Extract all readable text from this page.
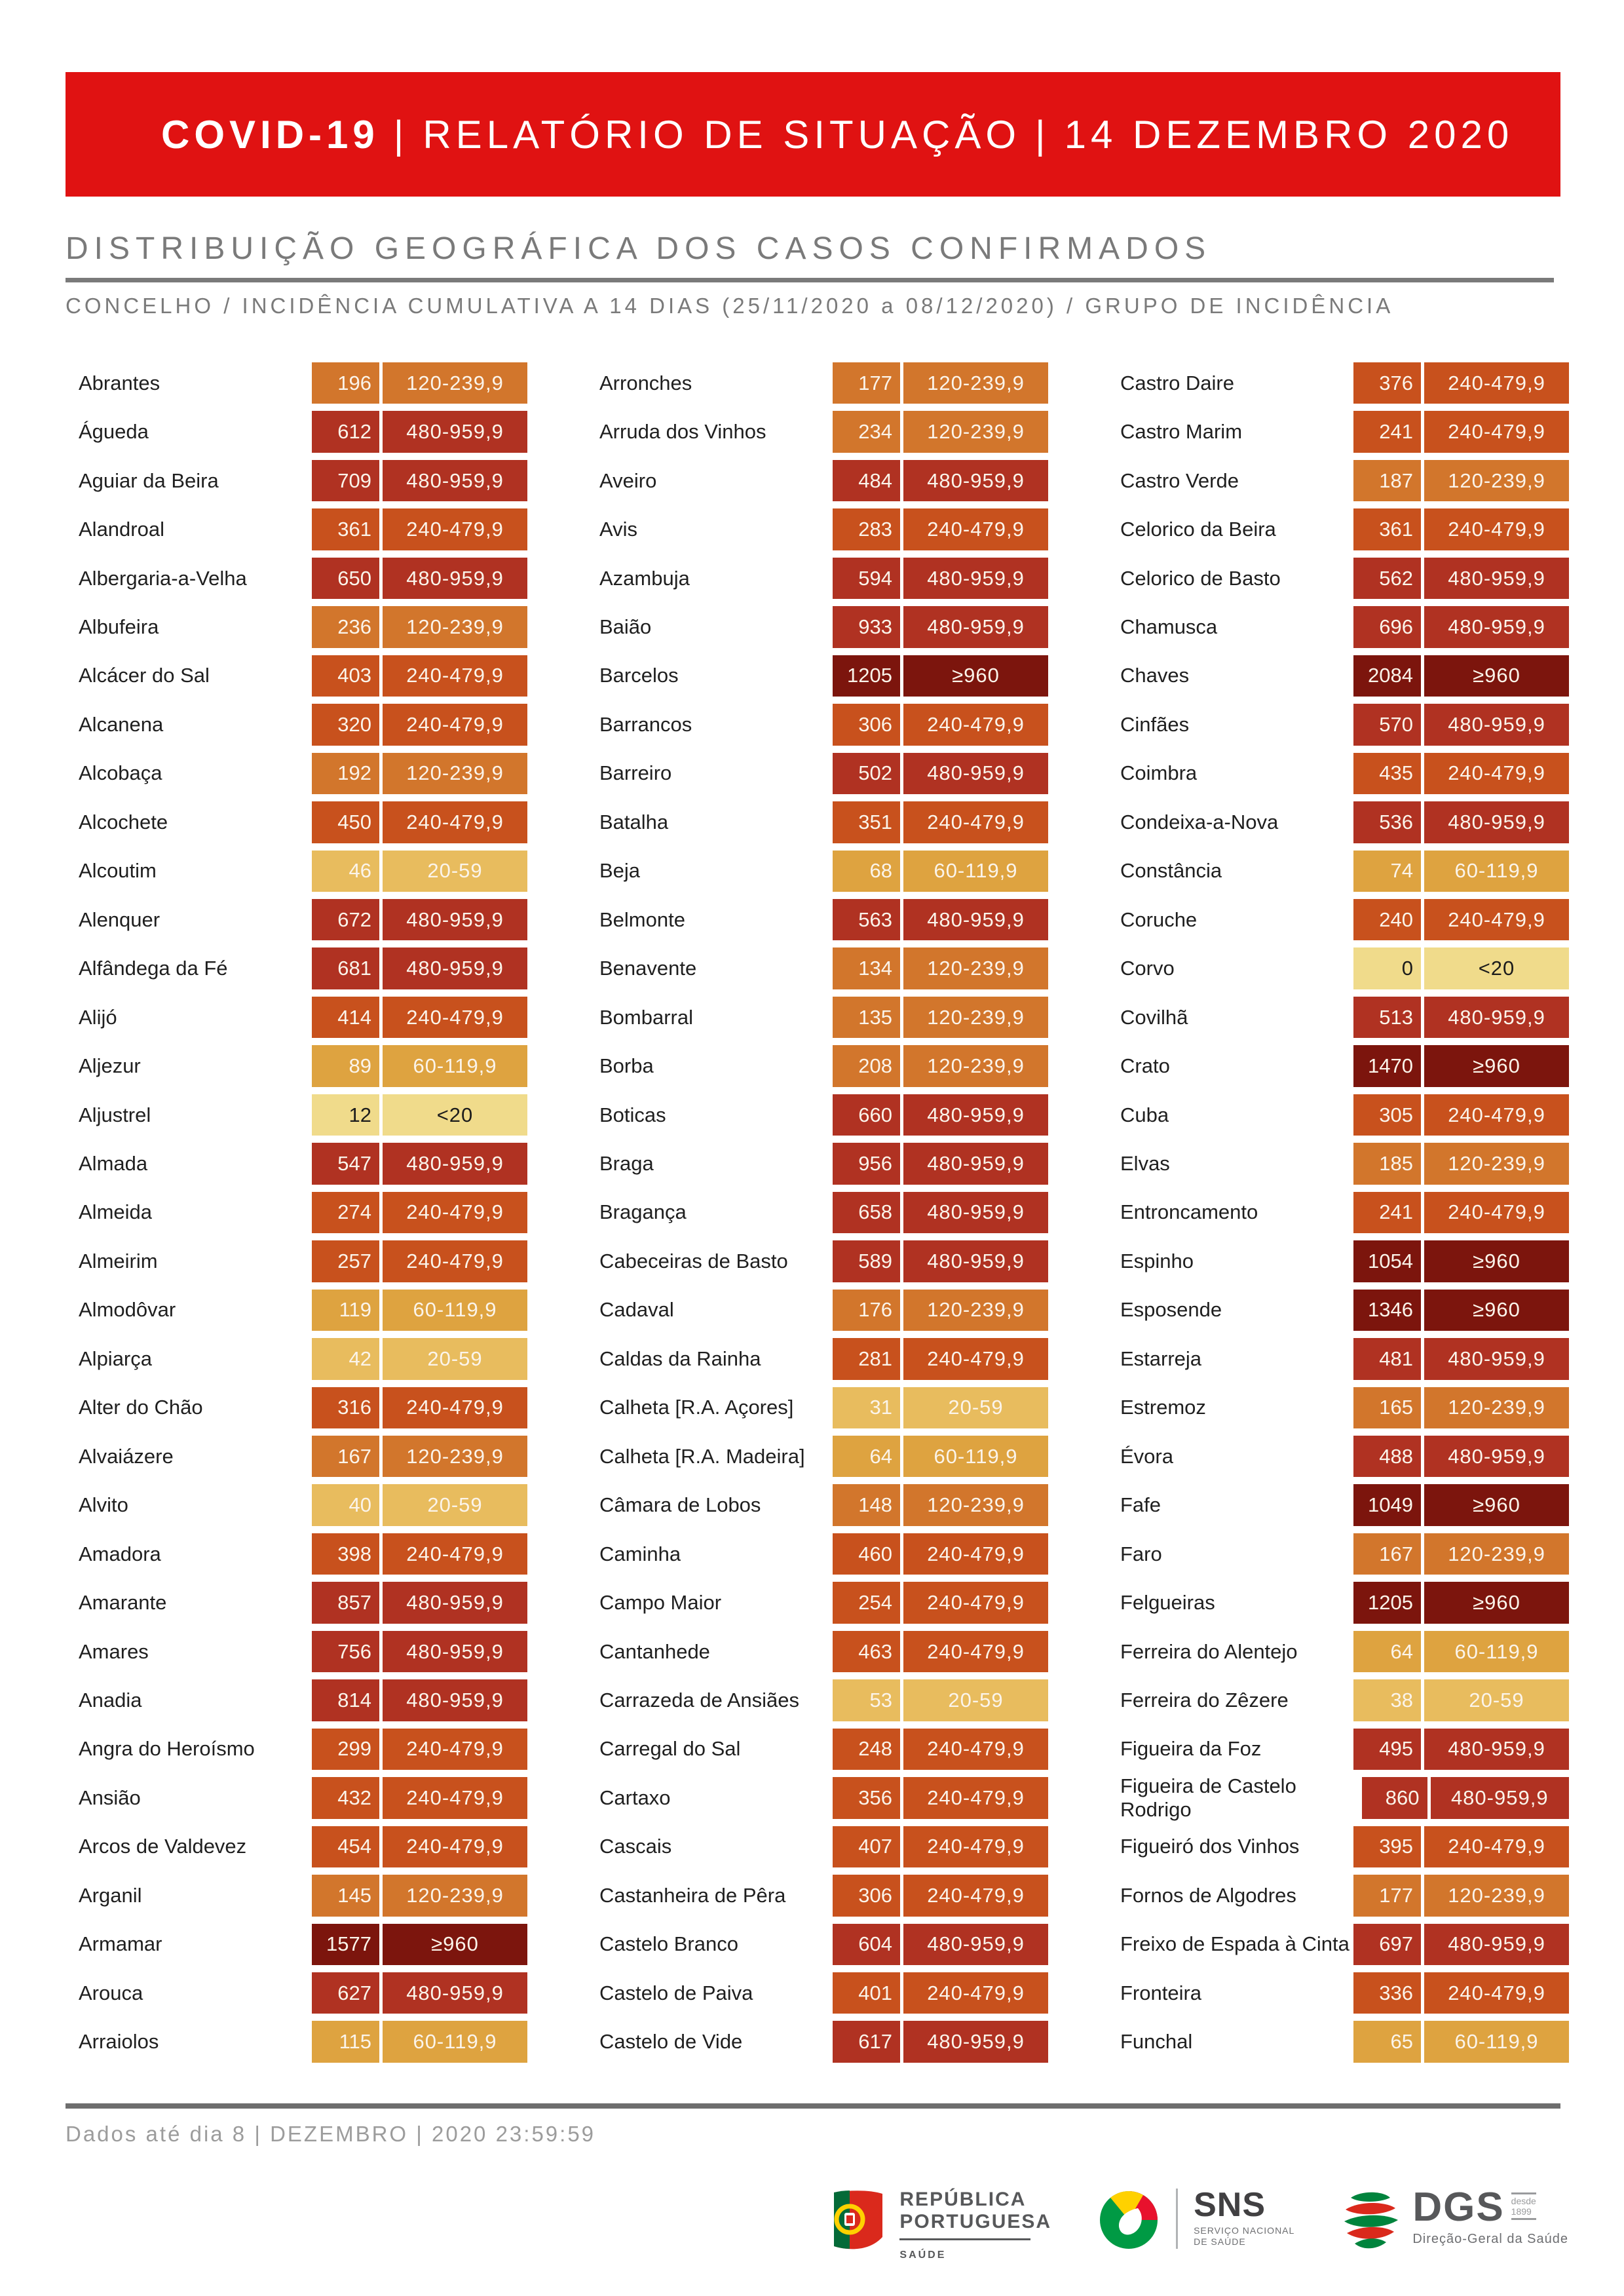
COVID-19 | RELATÓRIO DE SITUAÇÃO | 14 DEZEMBRO 2020
DISTRIBUIÇÃO GEOGRÁFICA DOS CASOS CONFIRMADOS
CONCELHO / INCIDÊNCIA CUMULATIVA A 14 DIAS (25/11/2020 a 08/12/2020) / GRUPO DE INCIDÊNCIA
Abrantes	196	120-239,9
Águeda	612	480-959,9
Aguiar da Beira	709	480-959,9
Alandroal	361	240-479,9
Albergaria-a-Velha	650	480-959,9
Albufeira	236	120-239,9
Alcácer do Sal	403	240-479,9
Alcanena	320	240-479,9
Alcobaça	192	120-239,9
Alcochete	450	240-479,9
Alcoutim	46	20-59
Alenquer	672	480-959,9
Alfândega da Fé	681	480-959,9
Alijó	414	240-479,9
Aljezur	89	60-119,9
Aljustrel	12	<20
Almada	547	480-959,9
Almeida	274	240-479,9
Almeirim	257	240-479,9
Almodôvar	119	60-119,9
Alpiarça	42	20-59
Alter do Chão	316	240-479,9
Alvaiázere	167	120-239,9
Alvito	40	20-59
Amadora	398	240-479,9
Amarante	857	480-959,9
Amares	756	480-959,9
Anadia	814	480-959,9
Angra do Heroísmo	299	240-479,9
Ansião	432	240-479,9
Arcos de Valdevez	454	240-479,9
Arganil	145	120-239,9
Armamar	1577	≥960
Arouca	627	480-959,9
Arraiolos	115	60-119,9
Arronches	177	120-239,9
Arruda dos Vinhos	234	120-239,9
Aveiro	484	480-959,9
Avis	283	240-479,9
Azambuja	594	480-959,9
Baião	933	480-959,9
Barcelos	1205	≥960
Barrancos	306	240-479,9
Barreiro	502	480-959,9
Batalha	351	240-479,9
Beja	68	60-119,9
Belmonte	563	480-959,9
Benavente	134	120-239,9
Bombarral	135	120-239,9
Borba	208	120-239,9
Boticas	660	480-959,9
Braga	956	480-959,9
Bragança	658	480-959,9
Cabeceiras de Basto	589	480-959,9
Cadaval	176	120-239,9
Caldas da Rainha	281	240-479,9
Calheta [R.A. Açores]	31	20-59
Calheta [R.A. Madeira]	64	60-119,9
Câmara de Lobos	148	120-239,9
Caminha	460	240-479,9
Campo Maior	254	240-479,9
Cantanhede	463	240-479,9
Carrazeda de Ansiães	53	20-59
Carregal do Sal	248	240-479,9
Cartaxo	356	240-479,9
Cascais	407	240-479,9
Castanheira de Pêra	306	240-479,9
Castelo Branco	604	480-959,9
Castelo de Paiva	401	240-479,9
Castelo de Vide	617	480-959,9
Castro Daire	376	240-479,9
Castro Marim	241	240-479,9
Castro Verde	187	120-239,9
Celorico da Beira	361	240-479,9
Celorico de Basto	562	480-959,9
Chamusca	696	480-959,9
Chaves	2084	≥960
Cinfães	570	480-959,9
Coimbra	435	240-479,9
Condeixa-a-Nova	536	480-959,9
Constância	74	60-119,9
Coruche	240	240-479,9
Corvo	0	<20
Covilhã	513	480-959,9
Crato	1470	≥960
Cuba	305	240-479,9
Elvas	185	120-239,9
Entroncamento	241	240-479,9
Espinho	1054	≥960
Esposende	1346	≥960
Estarreja	481	480-959,9
Estremoz	165	120-239,9
Évora	488	480-959,9
Fafe	1049	≥960
Faro	167	120-239,9
Felgueiras	1205	≥960
Ferreira do Alentejo	64	60-119,9
Ferreira do Zêzere	38	20-59
Figueira da Foz	495	480-959,9
Figueira de Castelo Rodrigo
860	480-959,9
Figueiró dos Vinhos	395	240-479,9
Fornos de Algodres	177	120-239,9
Freixo de Espada à Cinta	697	480-959,9
Fronteira	336	240-479,9
Funchal	65	60-119,9
Dados até dia 8 | DEZEMBRO | 2020 23:59:59
REPÚBLICA
PORTUGUESA
SAÚDE
SNS
SERVIÇO NACIONAL
DE SAÚDE
DGS desde
1899
Direção-Geral da Saúde
